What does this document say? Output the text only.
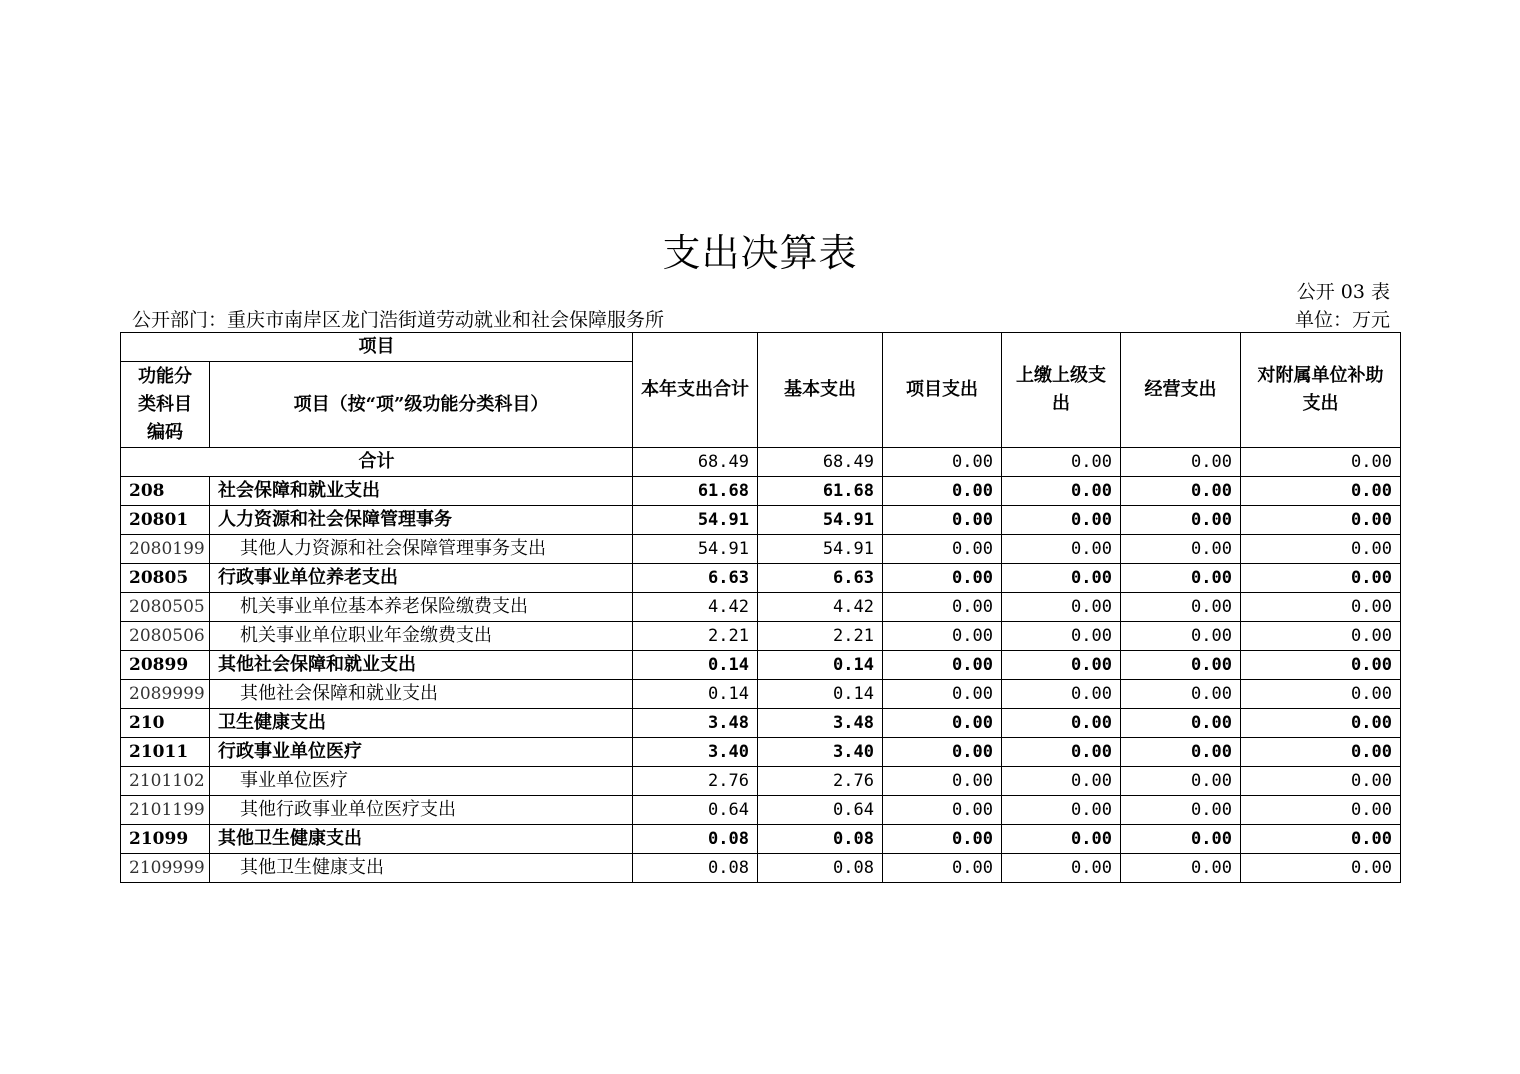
支出决算表
公开 03 表
公开部门：重庆市南岸区龙门浩街道劳动就业和社会保障服务所	单位：万元
项目		本年支出合计	基本支出	项目支出	上缴上级支出	经营支出	对附属单位补助支出
功能分类科目编码	项目（按“项”级功能分类科目）						
合计		68.49	68.49	0.00	0.00	0.00	0.00
208	社会保障和就业支出	61.68	61.68	0.00	0.00	0.00	0.00
20801	人力资源和社会保障管理事务	54.91	54.91	0.00	0.00	0.00	0.00
2080199	其他人力资源和社会保障管理事务支出	54.91	54.91	0.00	0.00	0.00	0.00
20805	行政事业单位养老支出	6.63	6.63	0.00	0.00	0.00	0.00
2080505	机关事业单位基本养老保险缴费支出	4.42	4.42	0.00	0.00	0.00	0.00
2080506	机关事业单位职业年金缴费支出	2.21	2.21	0.00	0.00	0.00	0.00
20899	其他社会保障和就业支出	0.14	0.14	0.00	0.00	0.00	0.00
2089999	其他社会保障和就业支出	0.14	0.14	0.00	0.00	0.00	0.00
210	卫生健康支出	3.48	3.48	0.00	0.00	0.00	0.00
21011	行政事业单位医疗	3.40	3.40	0.00	0.00	0.00	0.00
2101102	事业单位医疗	2.76	2.76	0.00	0.00	0.00	0.00
2101199	其他行政事业单位医疗支出	0.64	0.64	0.00	0.00	0.00	0.00
21099	其他卫生健康支出	0.08	0.08	0.00	0.00	0.00	0.00
2109999	其他卫生健康支出	0.08	0.08	0.00	0.00	0.00	0.00
